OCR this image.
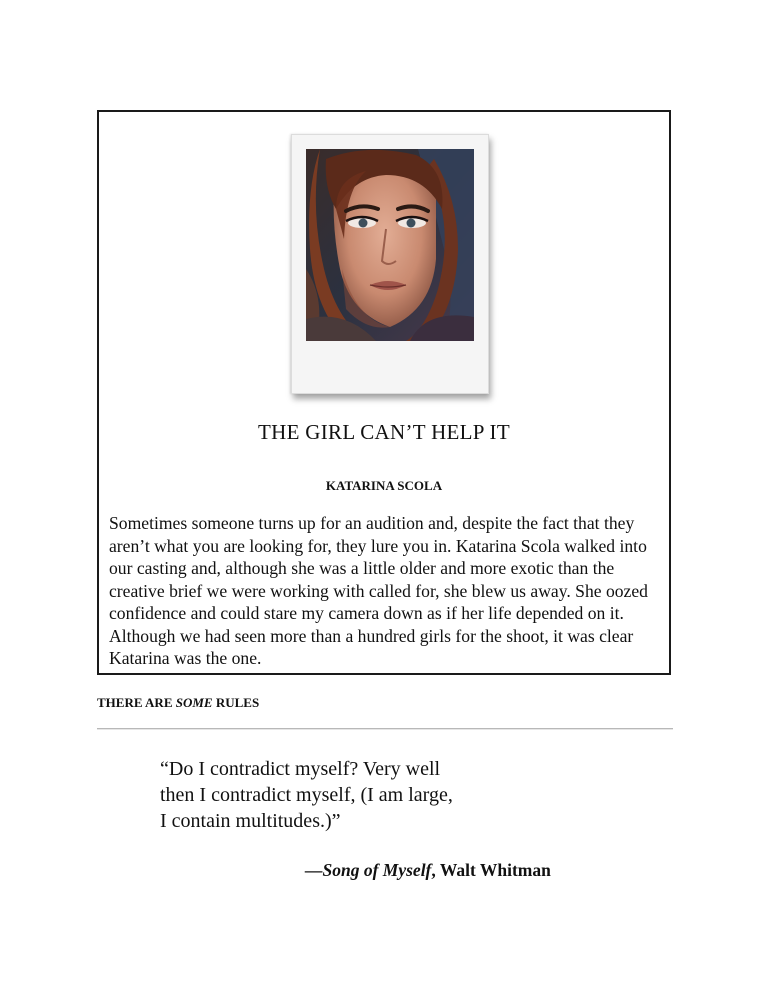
THE GIRL CAN’T HELP IT
KATARINA SCOLA
Sometimes someone turns up for an audition and, despite the fact that they aren’t what you are looking for, they lure you in. Katarina Scola walked into our casting and, although she was a little older and more exotic than the creative brief we were working with called for, she blew us away. She oozed confidence and could stare my camera down as if her life depended on it. Although we had seen more than a hundred girls for the shoot, it was clear Katarina was the one.
THERE ARE SOME RULES
“Do I contradict myself? Very well then I contradict myself, (I am large, I contain multitudes.)”
—Song of Myself, Walt Whitman
